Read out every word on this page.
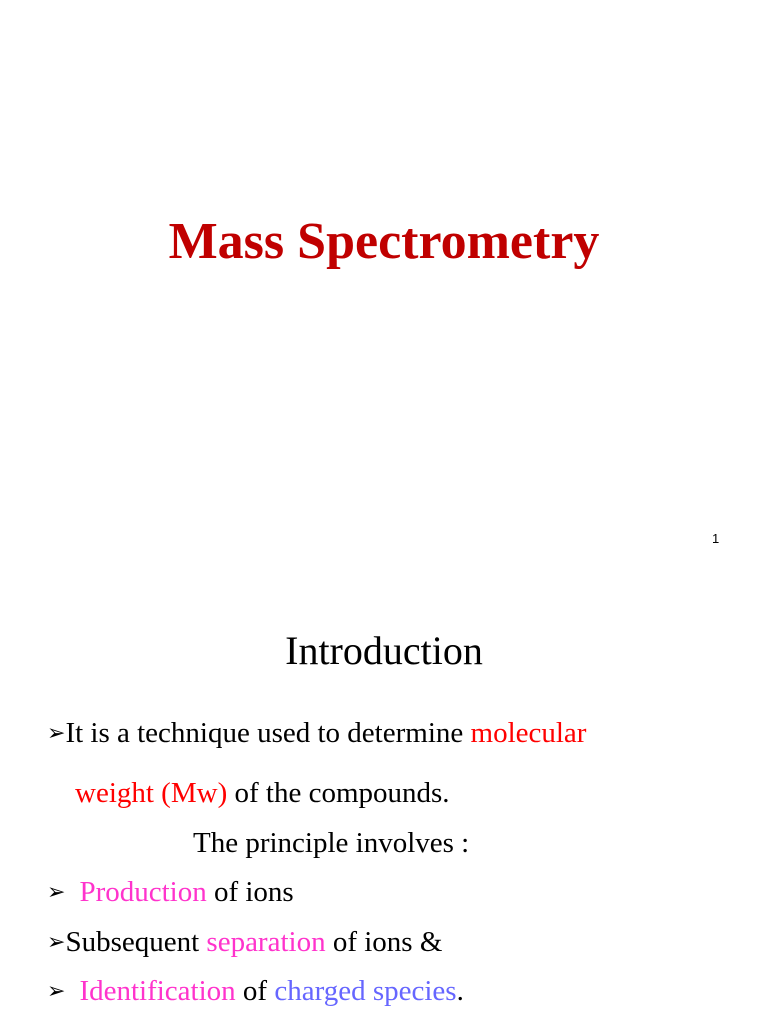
Mass Spectrometry
1
Introduction
➢It is a technique used to determine molecular
weight (Mw) of the compounds.
The principle involves :
➢ Production of ions
➢Subsequent separation of ions &
➢ Identification of charged species.
